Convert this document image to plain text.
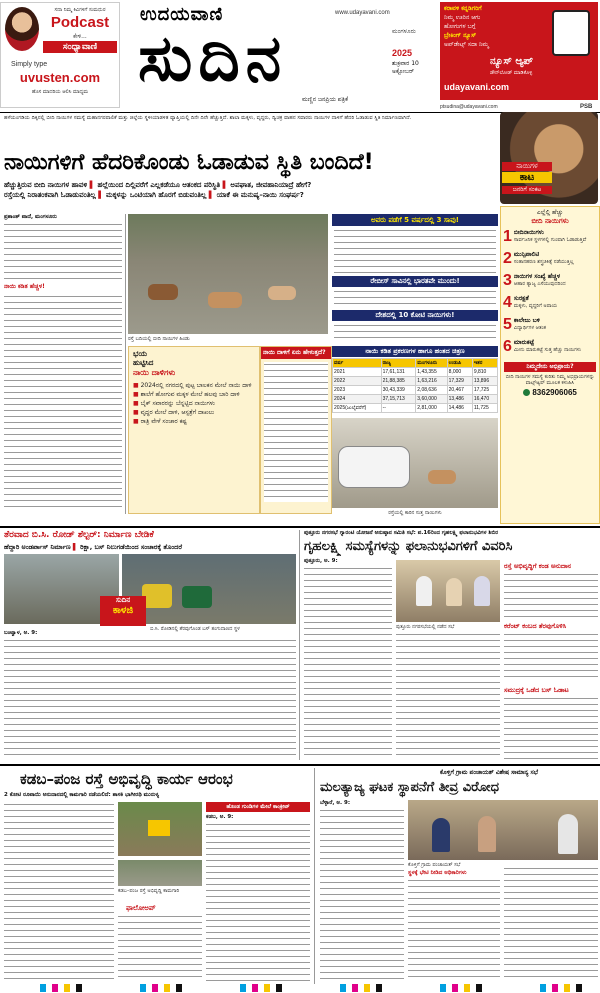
ಸದಾ ನಿಮ್ಮ ಕಿವಿಗಳಿಗೆ ಸುಮಧುರ
Podcast
ಕೇಳಿ...
ಸಂಧ್ಯಾವಾಣಿ
Simply type
uvusten.com
ಹೊಸ ಮಾದರಿಯ ಆಲಿಸಿ ಮಾಧ್ಯಮ
ಉದಯವಾಣಿ	www.udayavani.com
ಸುದಿನ	ಮಂಗಳೂರು
2025
ಶುಕ್ರವಾರ 10
ಅಕ್ಟೋಬರ್
ಮಣ್ಣಿನ ಜನಪ್ರಿಯ ಪತ್ರಿಕೆ
ptsudina@udayavani.com
ಕರಾವಳಿ ಕನ್ನಡಿಗರಿಗೆ
ನಿಮ್ಮ ಊರಿನ ಆಗು
ಹೋಗುಗಳ ಬಗ್ಗೆ
ಬ್ರೇಕಿಂಗ್ ನ್ಯೂಸ್
ಅಪ್‌ಡೇಟ್ಸ್ ಸದಾ ನಿಮ್ಮ
ನ್ಯೂಸ್ ಆ್ಯಪ್
ಡೌನ್‌ಲೋಡ್ ಮಾಡಿಕೊಳ್ಳಿ
udayavani.com
PSB
ಹಳೆಯಂಗಡಿಯ ದಿಕ್ಕಿನಲ್ಲಿ ಬೀದಿ ನಾಯಿಗಳ ಸಮಸ್ಯೆ ಮಹಾನಗರಪಾಲಿಕೆ ಮತ್ತು ಜಿಲ್ಲೆಯ ಸ್ಥಳೀಯಾಡಳಿತ ವ್ಯಾಪ್ತಿಯಲ್ಲಿ ದಿನೇ ದಿನೇ ಹೆಚ್ಚುತ್ತಿದೆ. ಶಾಲಾ ಮಕ್ಕಳು, ವೃದ್ಧರು, ದ್ವಿಚಕ್ರ ವಾಹನ ಸವಾರರು ನಾಯಿಗಳ ದಾಳಿಗೆ ಹೆದರಿ ಓಡಾಡುವ ಸ್ಥಿತಿ ನಿರ್ಮಾಣವಾಗಿದೆ.
ನಾಯಿಗಳಿಗೆ ಹೆದರಿಕೊಂಡು ಓಡಾಡುವ ಸ್ಥಿತಿ ಬಂದಿದೆ!	ನಾಯಿಗಳ
ಕಾಟ
ಜನರಿಗೆ ಸಂಕಟ
ಹೆಚ್ಚುತ್ತಿರುವ ಬೀದಿ ನಾಯಿಗಳ ಹಾವಳಿ ▌ ಹಲ್ಲೆಯಿಂದ ದಿಲ್ಲಿವರೆಗೆ ಎಲ್ಲಕಡೆಯೂ ಆತಂಕದ ಪರಿಸ್ಥಿತಿ ▌ ಅಪಘಾತ, ಜೀವಹಾನಿಯಾದ್ರೆ ಹೇಗೆ?
ರಸ್ತೆಯಲ್ಲಿ ನಿರಾತಂಕವಾಗಿ ಓಡಾಡುವಂತಿಲ್ಲ ▌ ಮಕ್ಕಳನ್ನು ಒಂಟಿಯಾಗಿ ಹೊರಗೆ ಬಿಡುವಂತಿಲ್ಲ ▌ ಯಾಕೆ ಈ ಮನುಷ್ಯ–ನಾಯಿ ಸಂಘರ್ಷ?
ಪ್ರಶಾಂತ್ ಪಾದೆ, ಮಂಗಳೂರು
ನಾಯಿ ಕಡಿತ ಹೆಚ್ಚಳ!
ರಸ್ತೆ ಬದಿಯಲ್ಲಿ ಬೀದಿ ನಾಯಿಗಳ ಹಿಂಡು
ಭಯ
ಹುಟ್ಟಿಸಿದ
ನಾಯಿ ದಾಳಿಗಳು
■ 2024ರಲ್ಲಿ ನಗರದಲ್ಲಿ ಪುಟ್ಟ ಬಾಲಕನ ಮೇಲೆ ನಾಯಿ ದಾಳಿ
■ ಶಾಲೆಗೆ ಹೋಗುವ ಮಕ್ಕಳ ಮೇಲೆ ಹಲವು ಬಾರಿ ದಾಳಿ
■ ಬೈಕ್ ಸವಾರರನ್ನು ಬೆನ್ನಟ್ಟಿದ ನಾಯಿಗಳು
■ ವೃದ್ಧರ ಮೇಲೆ ದಾಳಿ, ಆಸ್ಪತ್ರೆಗೆ ದಾಖಲು
■ ರಾತ್ರಿ ವೇಳೆ ಸಂಚಾರ ಕಷ್ಟ
ನಾಯಿ ದಾಳಿಗೆ ಏನು ಹೇಳುತ್ತದೆ?
ಅವರು ಪಡೆಗೆ 5 ವರ್ಷದಲ್ಲಿ 3 ಸಾವು!
ರೇಬೀಸ್ ಸಾವಿನಲ್ಲಿ ಭಾರತವೇ ಮುಂದು!
ದೇಶದಲ್ಲಿ 10 ಕೋಟಿ ನಾಯಿಗಳು!
ನಾಯಿ ಕಡಿತ ಪ್ರಕರಣಗಳ ಹಾಗೂ ಹಂತದ ಚಿತ್ರಣ
ವರ್ಷ	ರಾಜ್ಯ	ಮಂಗಳೂರು	ಉಡುಪಿ	ಇತರ
2021	17,61,131	1,43,355	8,000	9,810
2022	21,88,385	1,63,216	17,329	13,896
2023	30,43,339	2,08,636	20,467	17,725
2024	37,15,713	3,60,000	13,486	16,470
2025(ಜುಲೈವರೆಗೆ)	--	2,81,000	14,486	11,725
ರಸ್ತೆಯಲ್ಲಿ ಕಾರಿನ ಸುತ್ತ ನಾಯಿಗಳು
ಎಲ್ಲೆಲ್ಲಿ ಹೆಚ್ಚು
ಬೀದಿ ನಾಯಿಗಳು
1 ಬೀದಿನಾಯಿಗಳು
ಸಾರ್ವಜನಿಕ ಸ್ಥಳಗಳಲ್ಲಿ ಗುಂಪಾಗಿ ಓಡಾಡುತ್ತಿವೆ
2 ಮುನ್ಸಿಪಾಲಿಟಿ
ಸಂತಾನಹರಣ ಶಸ್ತ್ರಚಿಕಿತ್ಸೆ ನಡೆಯುತ್ತಿಲ್ಲ
3 ನಾಯಿಗಳ ಸಂಖ್ಯೆ ಹೆಚ್ಚಳ
ಆಹಾರ ತ್ಯಾಜ್ಯ ಎಸೆಯುವುದರಿಂದ
4 ಸುರಕ್ಷತೆ
ಮಕ್ಕಳು, ವೃದ್ಧರಿಗೆ ಅಪಾಯ
5 ಕಾಲೇಜು ಬಳಿ
ವಿದ್ಯಾರ್ಥಿಗಳ ಆತಂಕ
6 ಮಾರುಕಟ್ಟೆ
ಮೀನು ಮಾರುಕಟ್ಟೆ ಸುತ್ತ ಹೆಚ್ಚು ನಾಯಿಗಳು
ನಿಮ್ಮದೇನು ಅಭಿಪ್ರಾಯ?
ಬೀದಿ ನಾಯಿಗಳ ಸಮಸ್ಯೆ ಕುರಿತು ನಿಮ್ಮ ಅಭಿಪ್ರಾಯಗಳನ್ನು ವಾಟ್ಸ್‌ಆ್ಯಪ್ ಮೂಲಕ ಕಳುಹಿಸಿ
8362906065
ತೆರವಾದ ಬಿ.ಸಿ. ರೋಡ್ ಶೆಲ್ಟರ್: ನಿರ್ಮಾಣ ಬೇಡಿಕೆ
ಹೆದ್ದಾರಿ ಅಂಡರ್ಪಾಸ್ ನಿರ್ಮಾಣ ▌ ರಿಕ್ಷಾ, ಬಸ್ ನಿಲುಗಡೆಯಿಂದ ಸಂಚಾರಕ್ಕೆ ತೊಂದರೆ
ಸುದಿನ
ಕಾಳಜಿ
ಬಿ.ಸಿ. ರೋಡಿನಲ್ಲಿ ತೆರವುಗೊಂಡ ಬಸ್ ತಂಗುದಾಣದ ಸ್ಥಳ
ಬಂಟ್ವಾಳ, ಅ. 9:
ಪುತ್ತೂರು ನಗರಸಭೆ ಗ್ಯಾರಂಟಿ ಯೋಜನೆ ಅನುಷ್ಠಾನ ಸಮಿತಿ ಸಭೆ: ಪ.16ರಿಂದ ಗೃಹಲಕ್ಷ್ಮಿ ಫಲಾನುಭವಿಗಳ ಶಿಬಿರ
ಗೃಹಲಕ್ಷ್ಮಿ ಸಮಸ್ಯೆಗಳನ್ನು ಫಲಾನುಭವಿಗಳಿಗೆ ವಿವರಿಸಿ
ಪುತ್ತೂರು, ಅ. 9:
ಪುತ್ತೂರು ನಗರಸಭೆಯಲ್ಲಿ ನಡೆದ ಸಭೆ
ರಸ್ತೆ ಅಭಿವೃದ್ಧಿಗೆ ಕಂಡ ಅನುದಾನ
ಕರೆಂಟ್ ಕಂಬದ ತೆರವುಗೊಳಿಸಿ
ಸಮುದ್ರಕ್ಕೆ ಒಡೆದ ಬಸ್ ಓಡಾಟ
ಕಡಬ–ಪಂಜ ರಸ್ತೆ ಅಭಿವೃದ್ಧಿ ಕಾರ್ಯ ಆರಂಭ
2 ಕೋಟಿ ರೂಪಾಯಿ ಅನುದಾನದಲ್ಲಿ ಕಾಮಗಾರಿ ನಡೆಯಲಿದೆ: ಶಾಸಕಿ ಭಾಗೀರಥಿ ಮುರುಳ್ಯ
ಹೊಂಡ ಗುಂಡಿಗಳ ಮೇಲೆ ಕಾಂಕ್ರೀಟ್
ಕಡಬ–ಪಂಜ ರಸ್ತೆ ಅಭಿವೃದ್ಧಿ ಕಾಮಗಾರಿ
ಫಾಲೋಅಪ್
ಕಡಬ, ಅ. 9:
ಕೊಳ್ತಿಗೆ ಗ್ರಾಮ ಪಂಚಾಯತ್ ವಿಶೇಷ ಸಾಮಾನ್ಯ ಸಭೆ
ಮಲತ್ಯಾಜ್ಯ ಘಟಕ ಸ್ಥಾಪನೆಗೆ ತೀವ್ರ ವಿರೋಧ
ಬೆಳ್ಳಾರೆ, ಅ. 9:
ಕೊಳ್ತಿಗೆ ಗ್ರಾಮ ಪಂಚಾಯತ್ ಸಭೆ
ಸ್ಥಳಕ್ಕೆ ಭೇಟಿ ನೀಡಿದ ಅಧಿಕಾರಿಗಳು
